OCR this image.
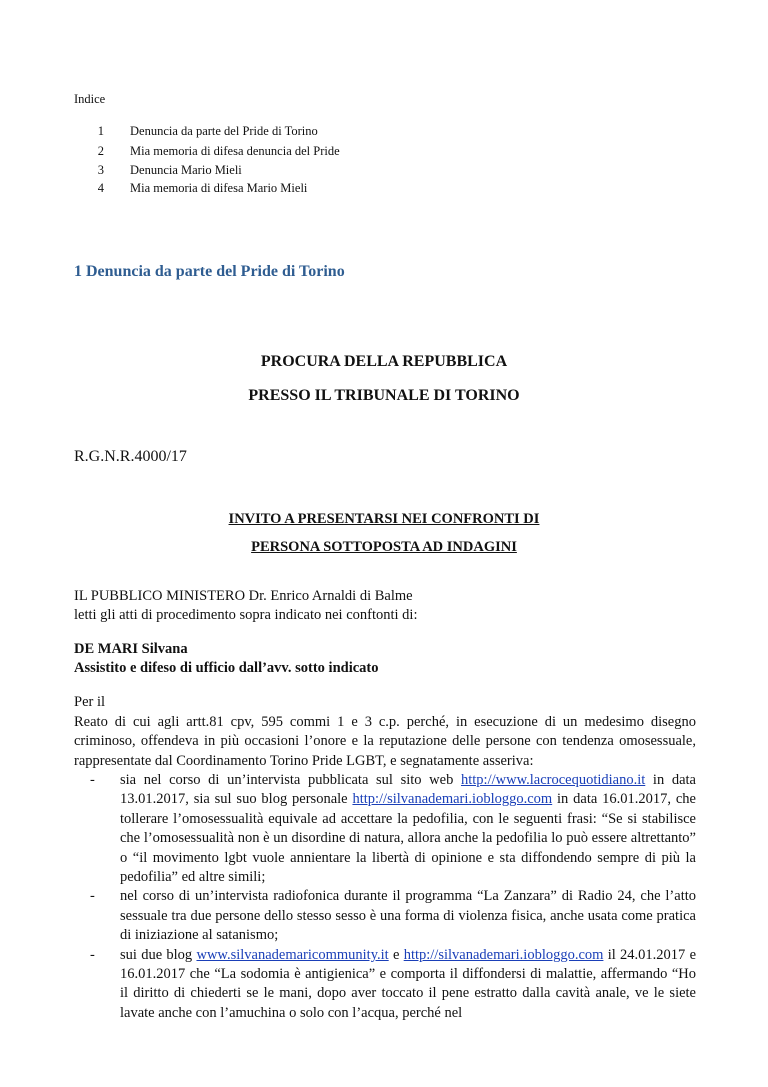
Indice
1 Denuncia da parte del Pride di Torino
2 Mia memoria di difesa denuncia del Pride
3 Denuncia Mario Mieli
4 Mia memoria di difesa Mario Mieli
1 Denuncia da parte del Pride di Torino
PROCURA DELLA REPUBBLICA
PRESSO IL TRIBUNALE DI TORINO
R.G.N.R.4000/17
INVITO A PRESENTARSI NEI CONFRONTI DI
PERSONA SOTTOPOSTA AD INDAGINI
IL PUBBLICO MINISTERO Dr. Enrico Arnaldi di Balme
letti gli atti di procedimento sopra indicato nei conftonti di:
DE MARI Silvana
Assistito e difeso di ufficio dall’avv. sotto indicato
Per il
Reato di cui agli artt.81 cpv, 595 commi 1 e 3 c.p. perché, in esecuzione di un medesimo disegno criminoso, offendeva in più occasioni l’onore e la reputazione delle persone con tendenza omosessuale, rappresentate dal Coordinamento Torino Pride LGBT, e segnatamente asseriva:
- sia nel corso di un’intervista pubblicata sul sito web http://www.lacrocequotidiano.it in data 13.01.2017, sia sul suo blog personale http://silvanademari.iobloggo.com in data 16.01.2017, che tollerare l’omosessualità equivale ad accettare la pedofilia, con le seguenti frasi: “Se si stabilisce che l’omosessualità non è un disordine di natura, allora anche la pedofilia lo può essere altrettanto” o “il movimento lgbt vuole annientare la libertà di opinione e sta diffondendo sempre di più la pedofilia” ed altre simili;
- nel corso di un’intervista radiofonica durante il programma “La Zanzara” di Radio 24, che l’atto sessuale tra due persone dello stesso sesso è una forma di violenza fisica, anche usata come pratica di iniziazione al satanismo;
- sui due blog www.silvanademaricommunity.it e http://silvanademari.iobloggo.com il 24.01.2017 e 16.01.2017 che “La sodomia è antigienica” e comporta il diffondersi di malattie, affermando “Ho il diritto di chiederti se le mani, dopo aver toccato il pene estratto dalla cavità anale, ve le siete lavate anche con l’amuchina o solo con l’acqua, perché nel
